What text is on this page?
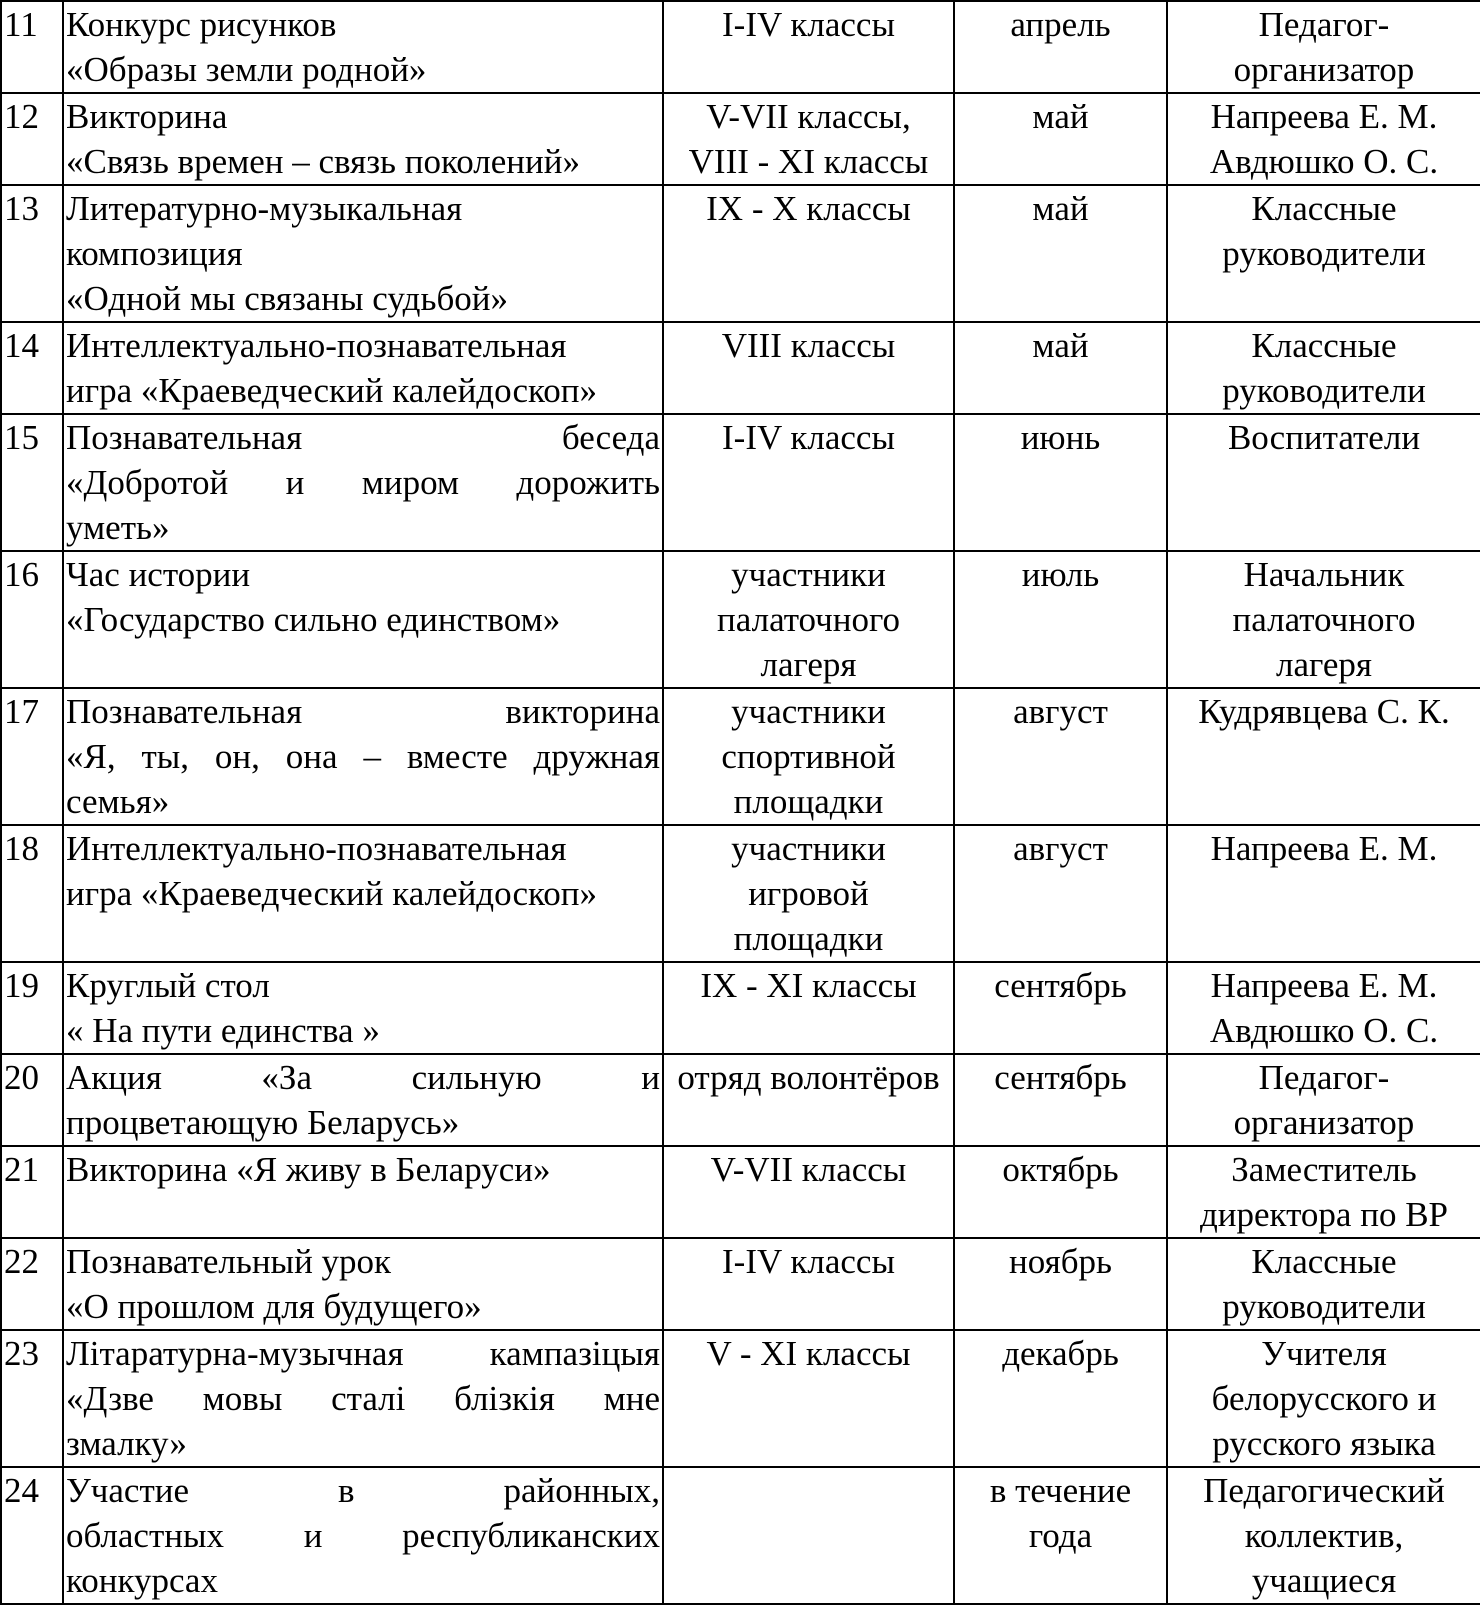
11	Конкурс рисунков
«Образы земли родной»	I-IV классы	апрель	Педагог-
организатор

12	Викторина
«Связь времен – связь поколений»	V-VII классы,
VIII - XI классы	май	Напреева Е. М.
Авдюшко О. С.

13	Литературно-музыкальная
композиция
«Одной мы связаны судьбой»	IX - X классы	май	Классные
руководители

14	Интеллектуально-познавательная
игра «Краеведческий калейдоскоп»	VIII классы	май	Классные
руководители

15	Познавательная беседа
«Добротой и миром дорожить
уметь»	I-IV классы	июнь	Воспитатели

16	Час истории
«Государство сильно единством»	участники
палаточного
лагеря	июль	Начальник
палаточного
лагеря

17	Познавательная викторина
«Я, ты, он, она – вместе дружная
семья»	участники
спортивной
площадки	август	Кудрявцева С. К.

18	Интеллектуально-познавательная
игра «Краеведческий калейдоскоп»	участники
игровой
площадки	август	Напреева Е. М.

19	Круглый стол
« На пути единства »	IX - XI классы	сентябрь	Напреева Е. М.
Авдюшко О. С.

20	Акция «За сильную и
процветающую Беларусь»	отряд волонтёров	сентябрь	Педагог-
организатор

21	Викторина «Я живу в Беларуси»	V-VII классы	октябрь	Заместитель
директора по ВР

22	Познавательный урок
«О прошлом для будущего»	I-IV классы	ноябрь	Классные
руководители

23	Літаратурна-музычная кампазіцыя
«Дзве мовы сталі блізкія мне
змалку»	V - XI классы	декабрь	Учителя
белорусского и
русского языка

24	Участие в районных,
областных и республиканских
конкурсах		в течение
года	Педагогический
коллектив,
учащиеся
